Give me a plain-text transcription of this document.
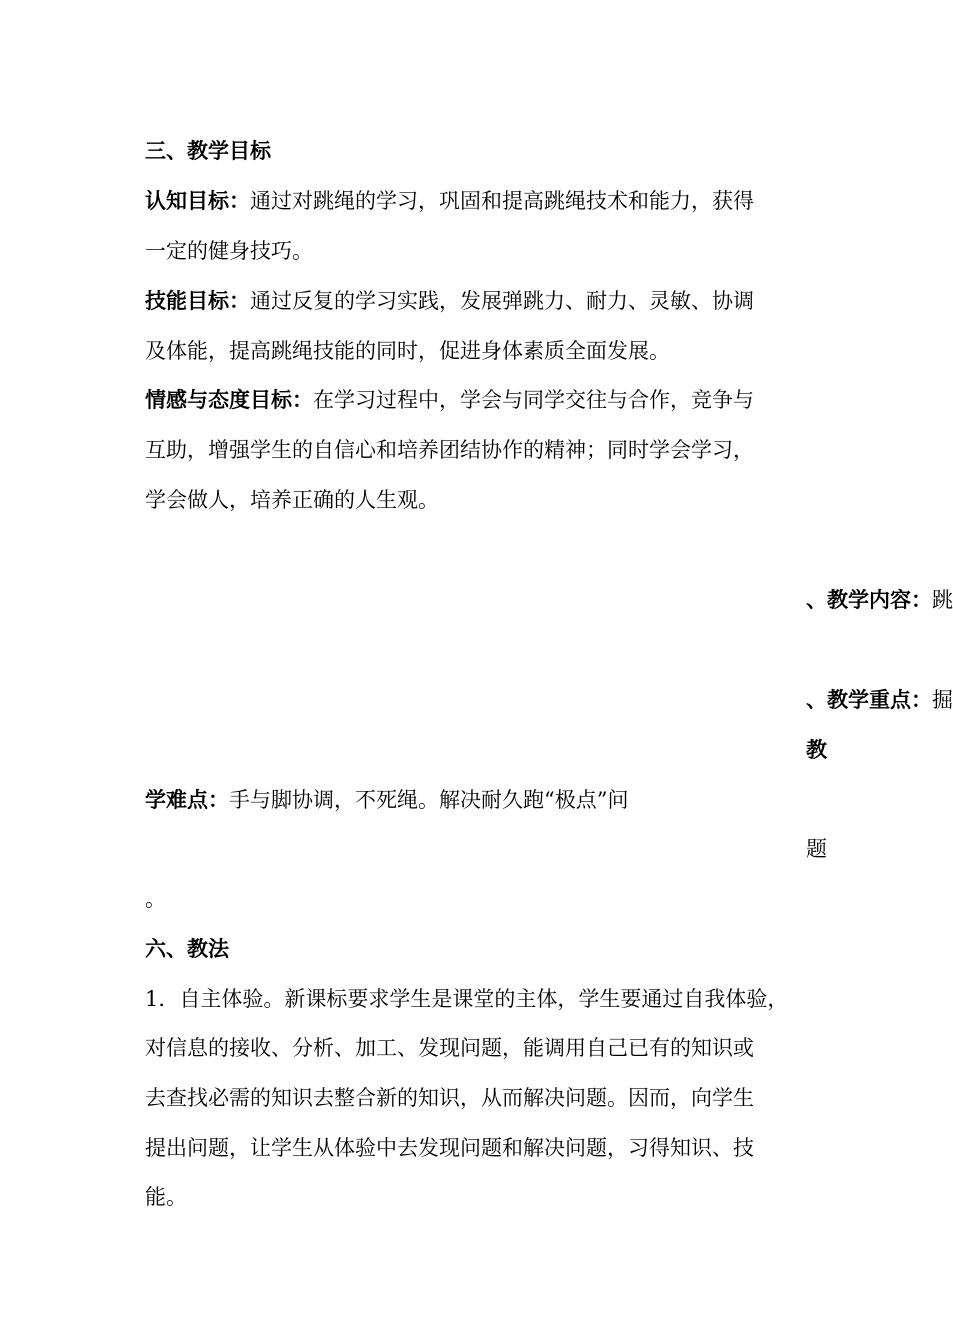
三、教学目标
认知目标：通过对跳绳的学习，巩固和提高跳绳技术和能力，获得
一定的健身技巧。
技能目标：通过反复的学习实践，发展弹跳力、耐力、灵敏、协调
及体能，提高跳绳技能的同时，促进身体素质全面发展。
情感与态度目标：在学习过程中，学会与同学交往与合作，竞争与
互助，增强学生的自信心和培养团结协作的精神；同时学会学习，
学会做人，培养正确的人生观。
、教学内容：跳
、教学重点：掘
教
学难点：手与脚协调，不死绳。解决耐久跑“极点”问
题
。
六、教法
1．自主体验。新课标要求学生是课堂的主体，学生要通过自我体验，
对信息的接收、分析、加工、发现问题，能调用自己已有的知识或
去查找必需的知识去整合新的知识，从而解决问题。因而，向学生
提出问题，让学生从体验中去发现问题和解决问题，习得知识、技
能。
